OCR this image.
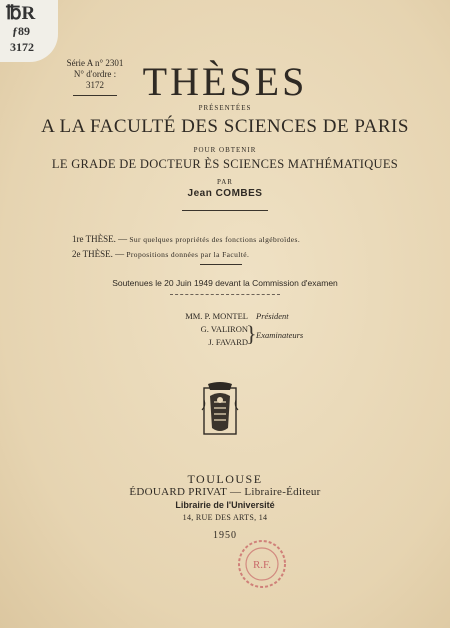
℔R
ƒ89
3172
Série A n° 2301
N° d'ordre :
3172 THÈSES
PRÉSENTÉES
A LA FACULTÉ DES SCIENCES DE PARIS
POUR OBTENIR
LE GRADE DE DOCTEUR ÈS SCIENCES MATHÉMATIQUES
PAR
Jean COMBES
1re THÈSE. — Sur quelques propriétés des fonctions algébroïdes.
2e THÈSE. — Propositions données par la Faculté.
Soutenues le 20 Juin 1949 devant la Commission d'examen
MM. P. MONTEL
G. VALIRON
J. FAVARD
}
Président
Examinateurs
TOULOUSE
ÉDOUARD PRIVAT — Libraire-Éditeur
Librairie de l'Université
14, RUE DES ARTS, 14
1950
R.F.
